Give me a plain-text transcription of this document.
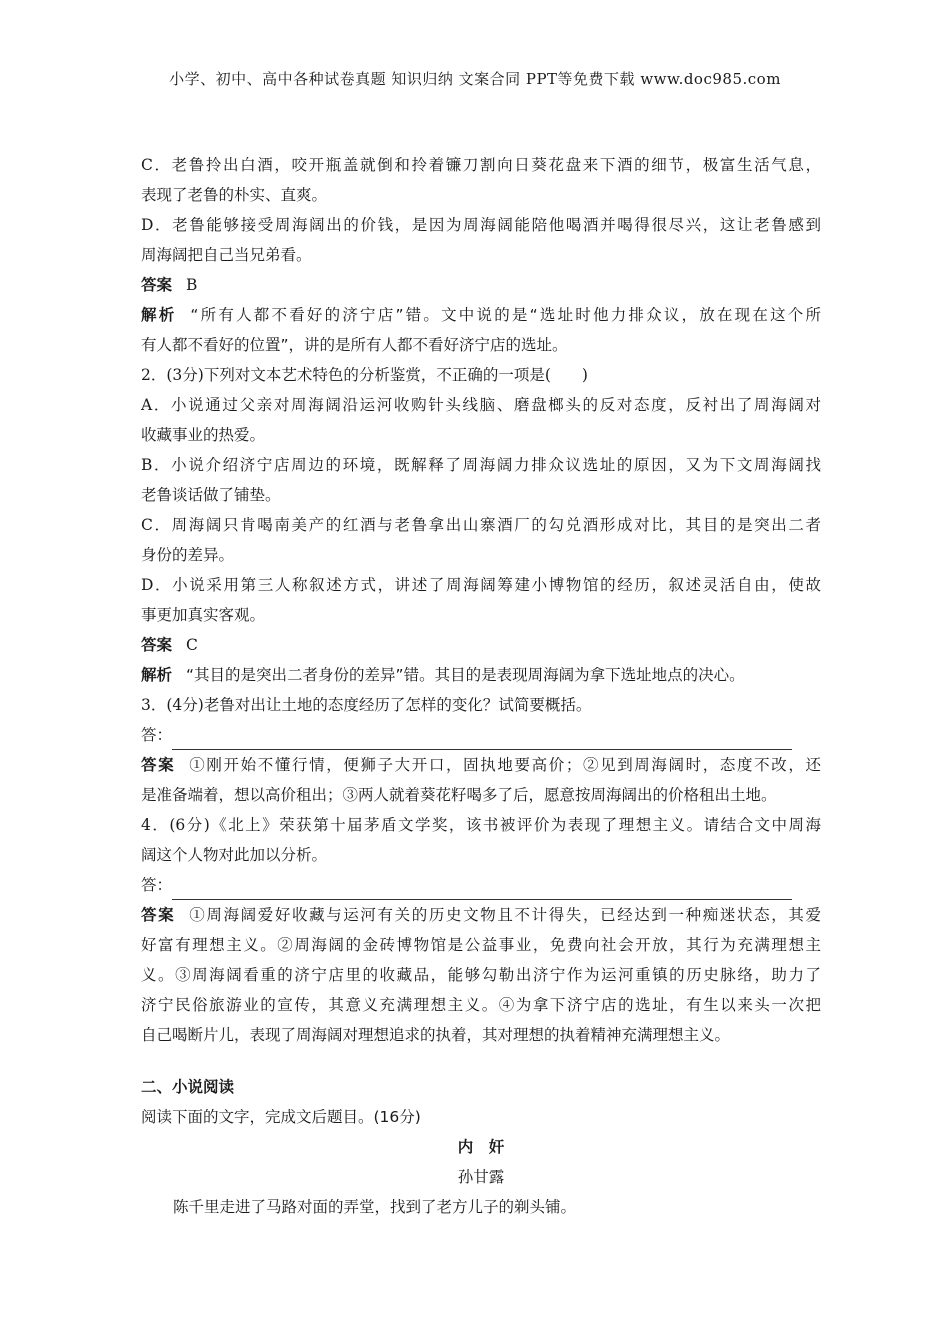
小学、初中、高中各种试卷真题 知识归纳 文案合同 PPT等免费下载 www.doc985.com
C．老鲁拎出白酒，咬开瓶盖就倒和拎着镰刀割向日葵花盘来下酒的细节，极富生活气息，
表现了老鲁的朴实、直爽。
D．老鲁能够接受周海阔出的价钱，是因为周海阔能陪他喝酒并喝得很尽兴，这让老鲁感到
周海阔把自己当兄弟看。
答案 B
解析 “所有人都不看好的济宁店”错。文中说的是“选址时他力排众议，放在现在这个所
有人都不看好的位置”，讲的是所有人都不看好济宁店的选址。
2．(3分)下列对文本艺术特色的分析鉴赏，不正确的一项是(　　)
A．小说通过父亲对周海阔沿运河收购针头线脑、磨盘榔头的反对态度，反衬出了周海阔对
收藏事业的热爱。
B．小说介绍济宁店周边的环境，既解释了周海阔力排众议选址的原因，又为下文周海阔找
老鲁谈话做了铺垫。
C．周海阔只肯喝南美产的红酒与老鲁拿出山寨酒厂的勾兑酒形成对比，其目的是突出二者
身份的差异。
D．小说采用第三人称叙述方式，讲述了周海阔筹建小博物馆的经历，叙述灵活自由，使故
事更加真实客观。
答案 C
解析 “其目的是突出二者身份的差异”错。其目的是表现周海阔为拿下选址地点的决心。
3．(4分)老鲁对出让土地的态度经历了怎样的变化？试简要概括。
答：
答案 ①刚开始不懂行情，便狮子大开口，固执地要高价；②见到周海阔时，态度不改，还
是准备端着，想以高价租出；③两人就着葵花籽喝多了后，愿意按周海阔出的价格租出土地。
4．(6分)《北上》荣获第十届茅盾文学奖，该书被评价为表现了理想主义。请结合文中周海
阔这个人物对此加以分析。
答：
答案 ①周海阔爱好收藏与运河有关的历史文物且不计得失，已经达到一种痴迷状态，其爱
好富有理想主义。②周海阔的金砖博物馆是公益事业，免费向社会开放，其行为充满理想主
义。③周海阔看重的济宁店里的收藏品，能够勾勒出济宁作为运河重镇的历史脉络，助力了
济宁民俗旅游业的宣传，其意义充满理想主义。④为拿下济宁店的选址，有生以来头一次把
自己喝断片儿，表现了周海阔对理想追求的执着，其对理想的执着精神充满理想主义。
二、小说阅读
阅读下面的文字，完成文后题目。(16分)
内　奸
孙甘露
陈千里走进了马路对面的弄堂，找到了老方儿子的剃头铺。
